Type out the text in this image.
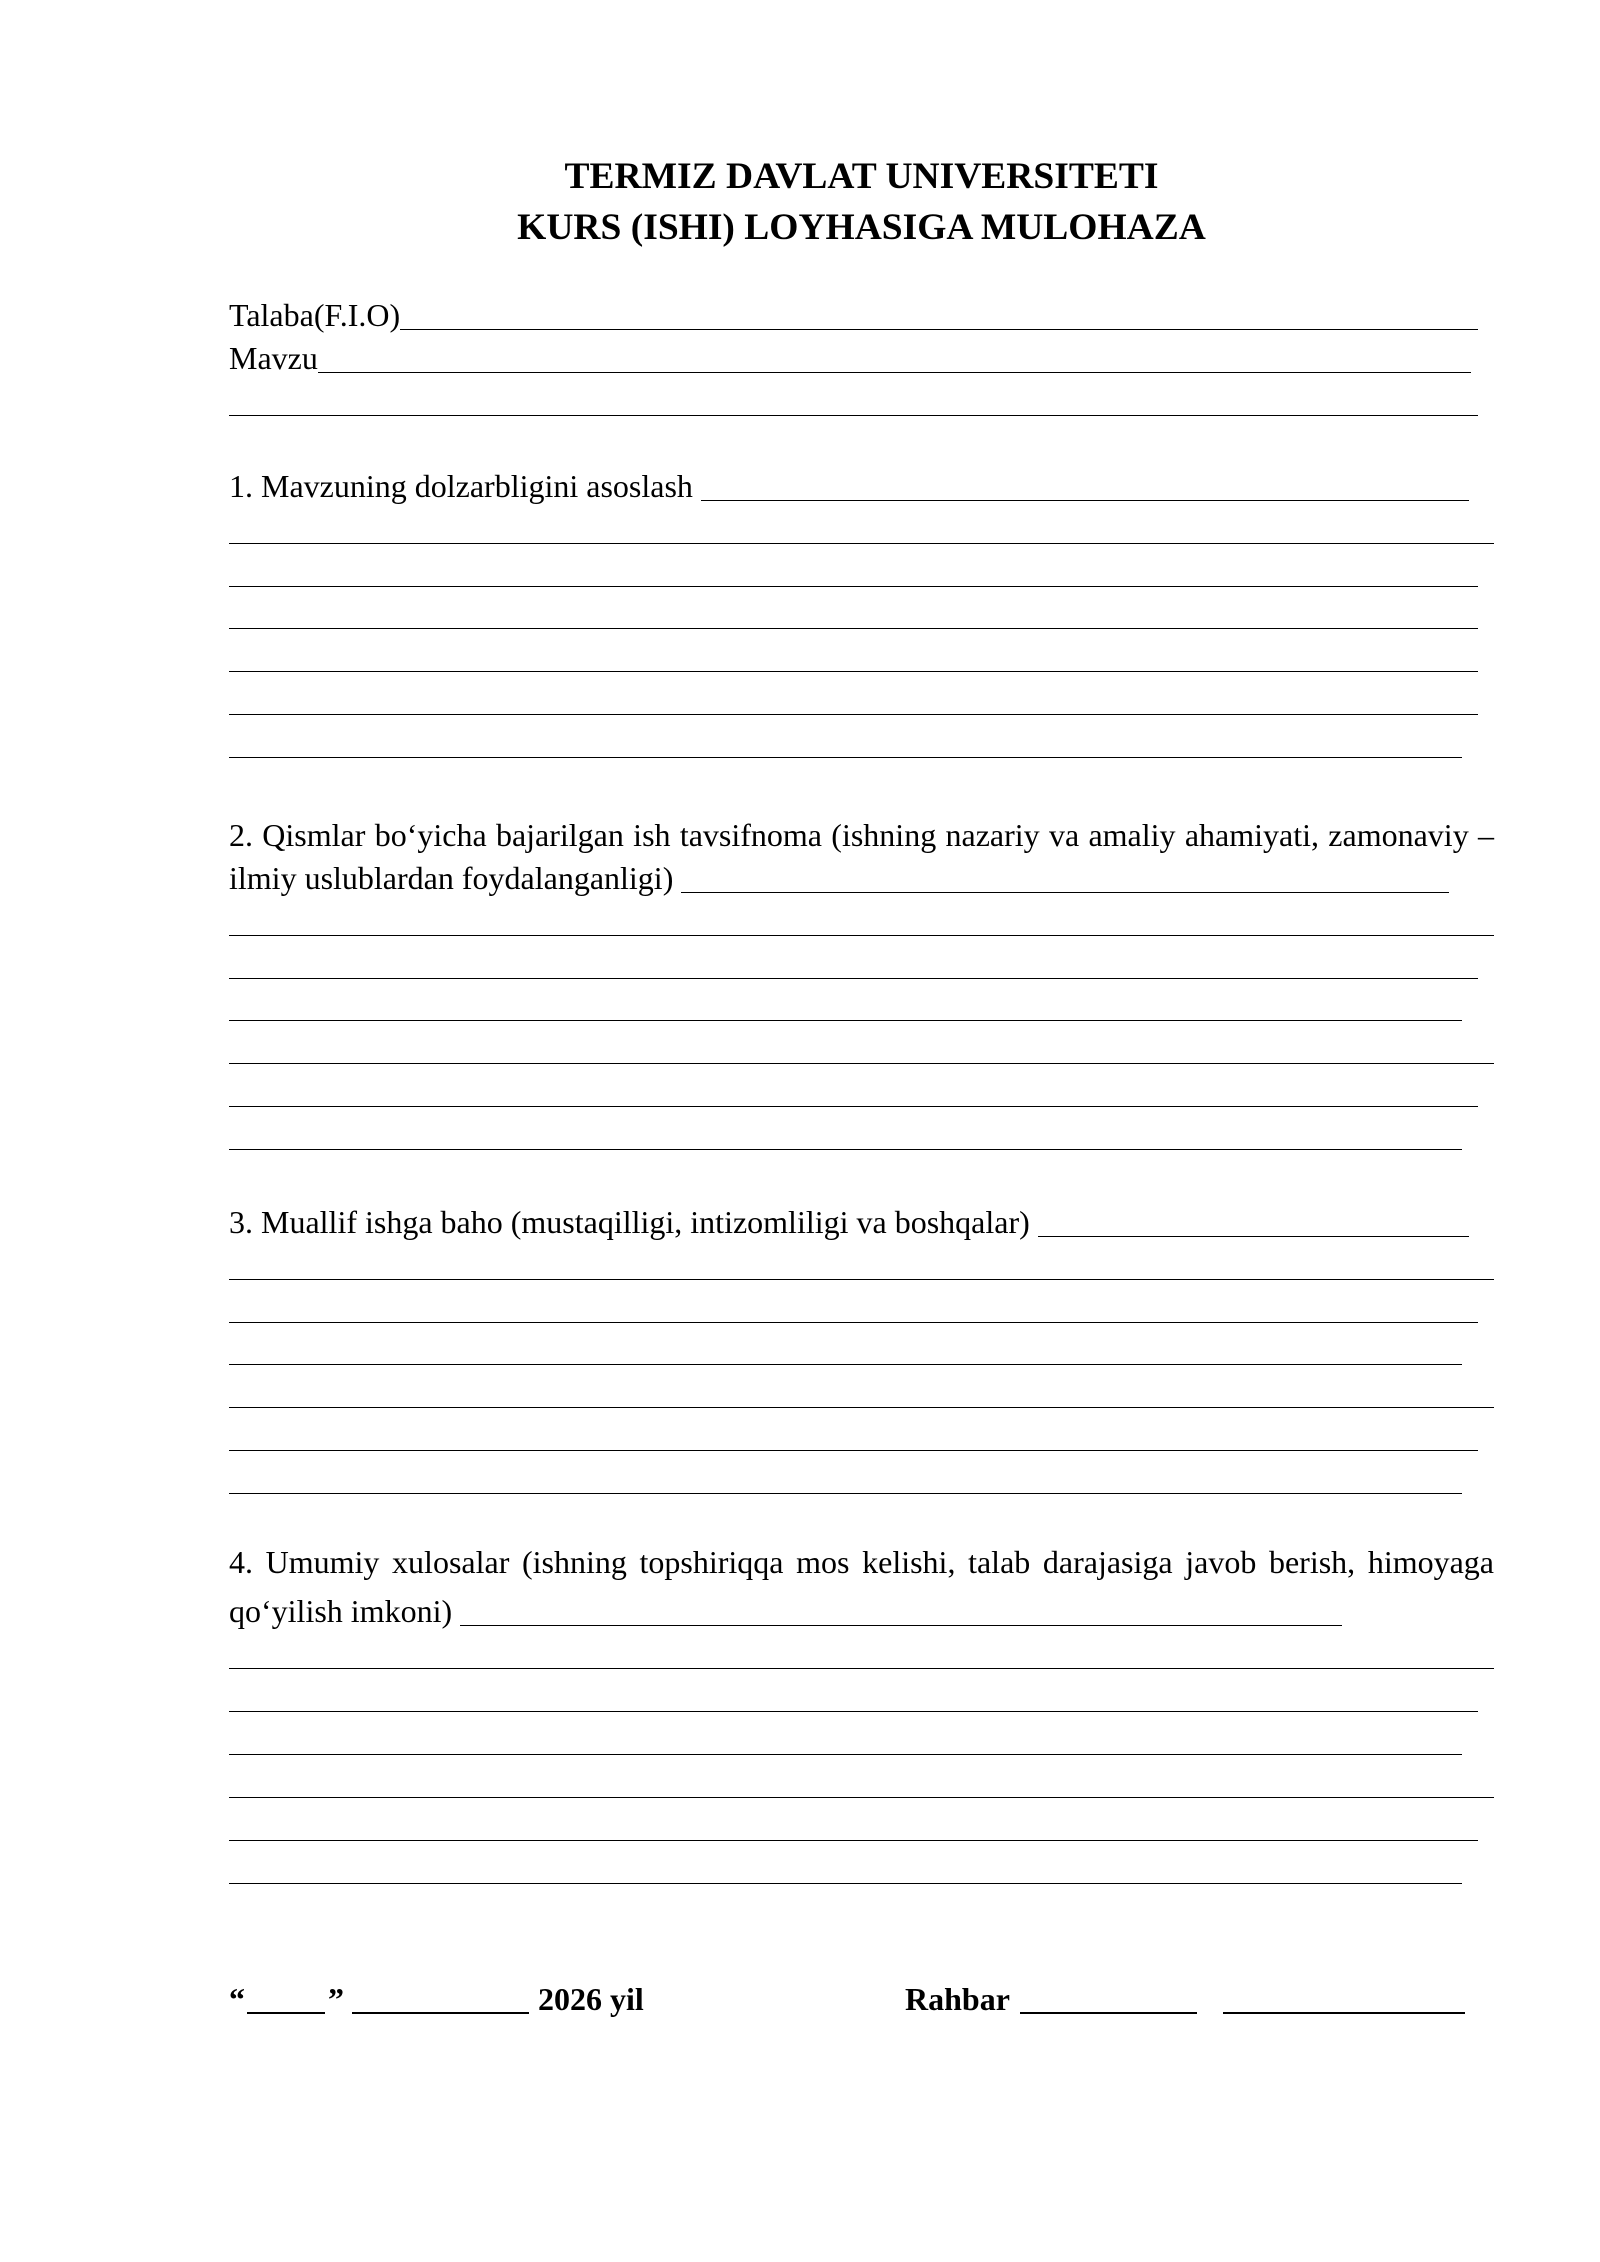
TERMIZ DAVLAT UNIVERSITETI
KURS (ISHI) LOYHASIGA MULOHAZA
Talaba(F.I.O)
Mavzu
1. Mavzuning dolzarbligini asoslash
2. Qismlar bo‘yicha bajarilgan ish tavsifnoma (ishning nazariy va amaliy ahamiyati, zamonaviy –
ilmiy uslublardan foydalanganligi)
3. Muallif ishga baho (mustaqilligi, intizomliligi va boshqalar)
4. Umumiy xulosalar (ishning topshiriqqa mos kelishi, talab darajasiga javob berish, himoyaga
qo‘yilish imkoni)
“	”	2026 yil	Rahbar
